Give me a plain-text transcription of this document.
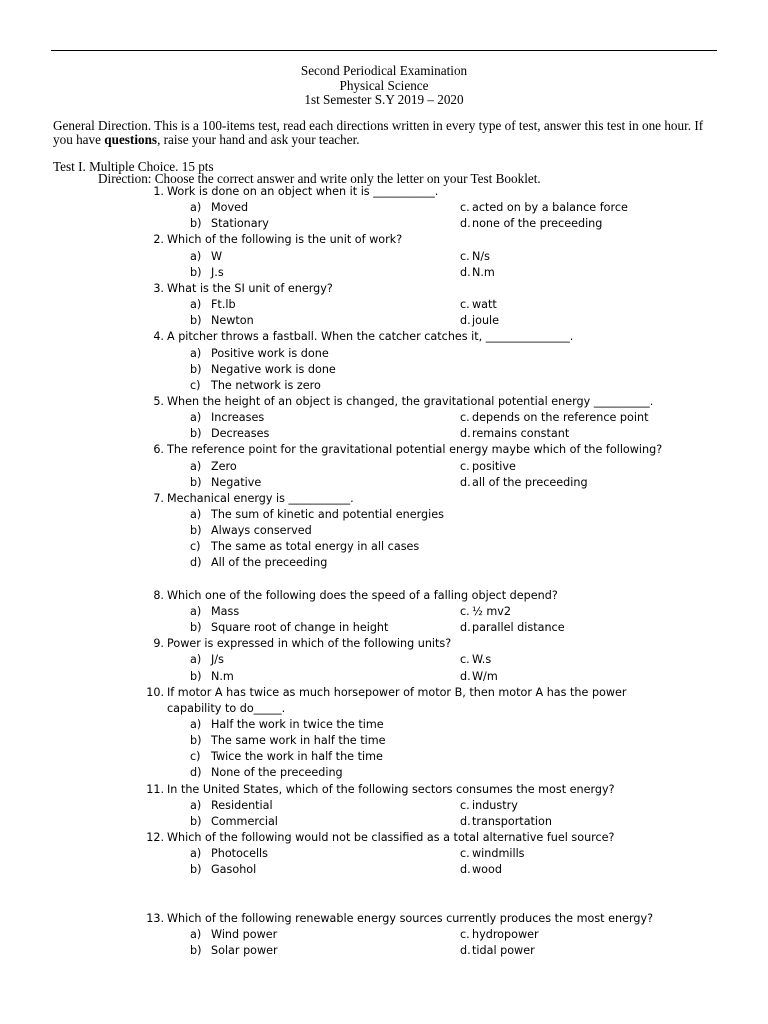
Second Periodical Examination
Physical Science
1st Semester S.Y 2019 – 2020
General Direction. This is a 100-items test, read each directions written in every type of test, answer this test in one hour. If you have questions, raise your hand and ask your teacher.
Test I. Multiple Choice. 15 pts
Direction: Choose the correct answer and write only the letter on your Test Booklet.
1. Work is done on an object when it is ___________.
a) Moved	c. acted on by a balance force
b) Stationary	d. none of the preceeding
2. Which of the following is the unit of work?
a) W	c. N/s
b) J.s	d. N.m
3. What is the SI unit of energy?
a) Ft.lb	c. watt
b) Newton	d. joule
4. A pitcher throws a fastball. When the catcher catches it, _______________.
a) Positive work is done
b) Negative work is done
c) The network is zero
5. When the height of an object is changed, the gravitational potential energy __________.
a) Increases	c. depends on the reference point
b) Decreases	d. remains constant
6. The reference point for the gravitational potential energy maybe which of the following?
a) Zero	c. positive
b) Negative	d. all of the preceeding
7. Mechanical energy is ___________.
a) The sum of kinetic and potential energies
b) Always conserved
c) The same as total energy in all cases
d) All of the preceeding
8. Which one of the following does the speed of a falling object depend?
a) Mass	c. ½ mv2
b) Square root of change in height	d. parallel distance
9. Power is expressed in which of the following units?
a) J/s	c. W.s
b) N.m	d. W/m
10. If motor A has twice as much horsepower of motor B, then motor A has the power
capability to do_____.
a) Half the work in twice the time
b) The same work in half the time
c) Twice the work in half the time
d) None of the preceeding
11. In the United States, which of the following sectors consumes the most energy?
a) Residential	c. industry
b) Commercial	d. transportation
12. Which of the following would not be classified as a total alternative fuel source?
a) Photocells	c. windmills
b) Gasohol	d. wood
13. Which of the following renewable energy sources currently produces the most energy?
a) Wind power	c. hydropower
b) Solar power	d. tidal power
